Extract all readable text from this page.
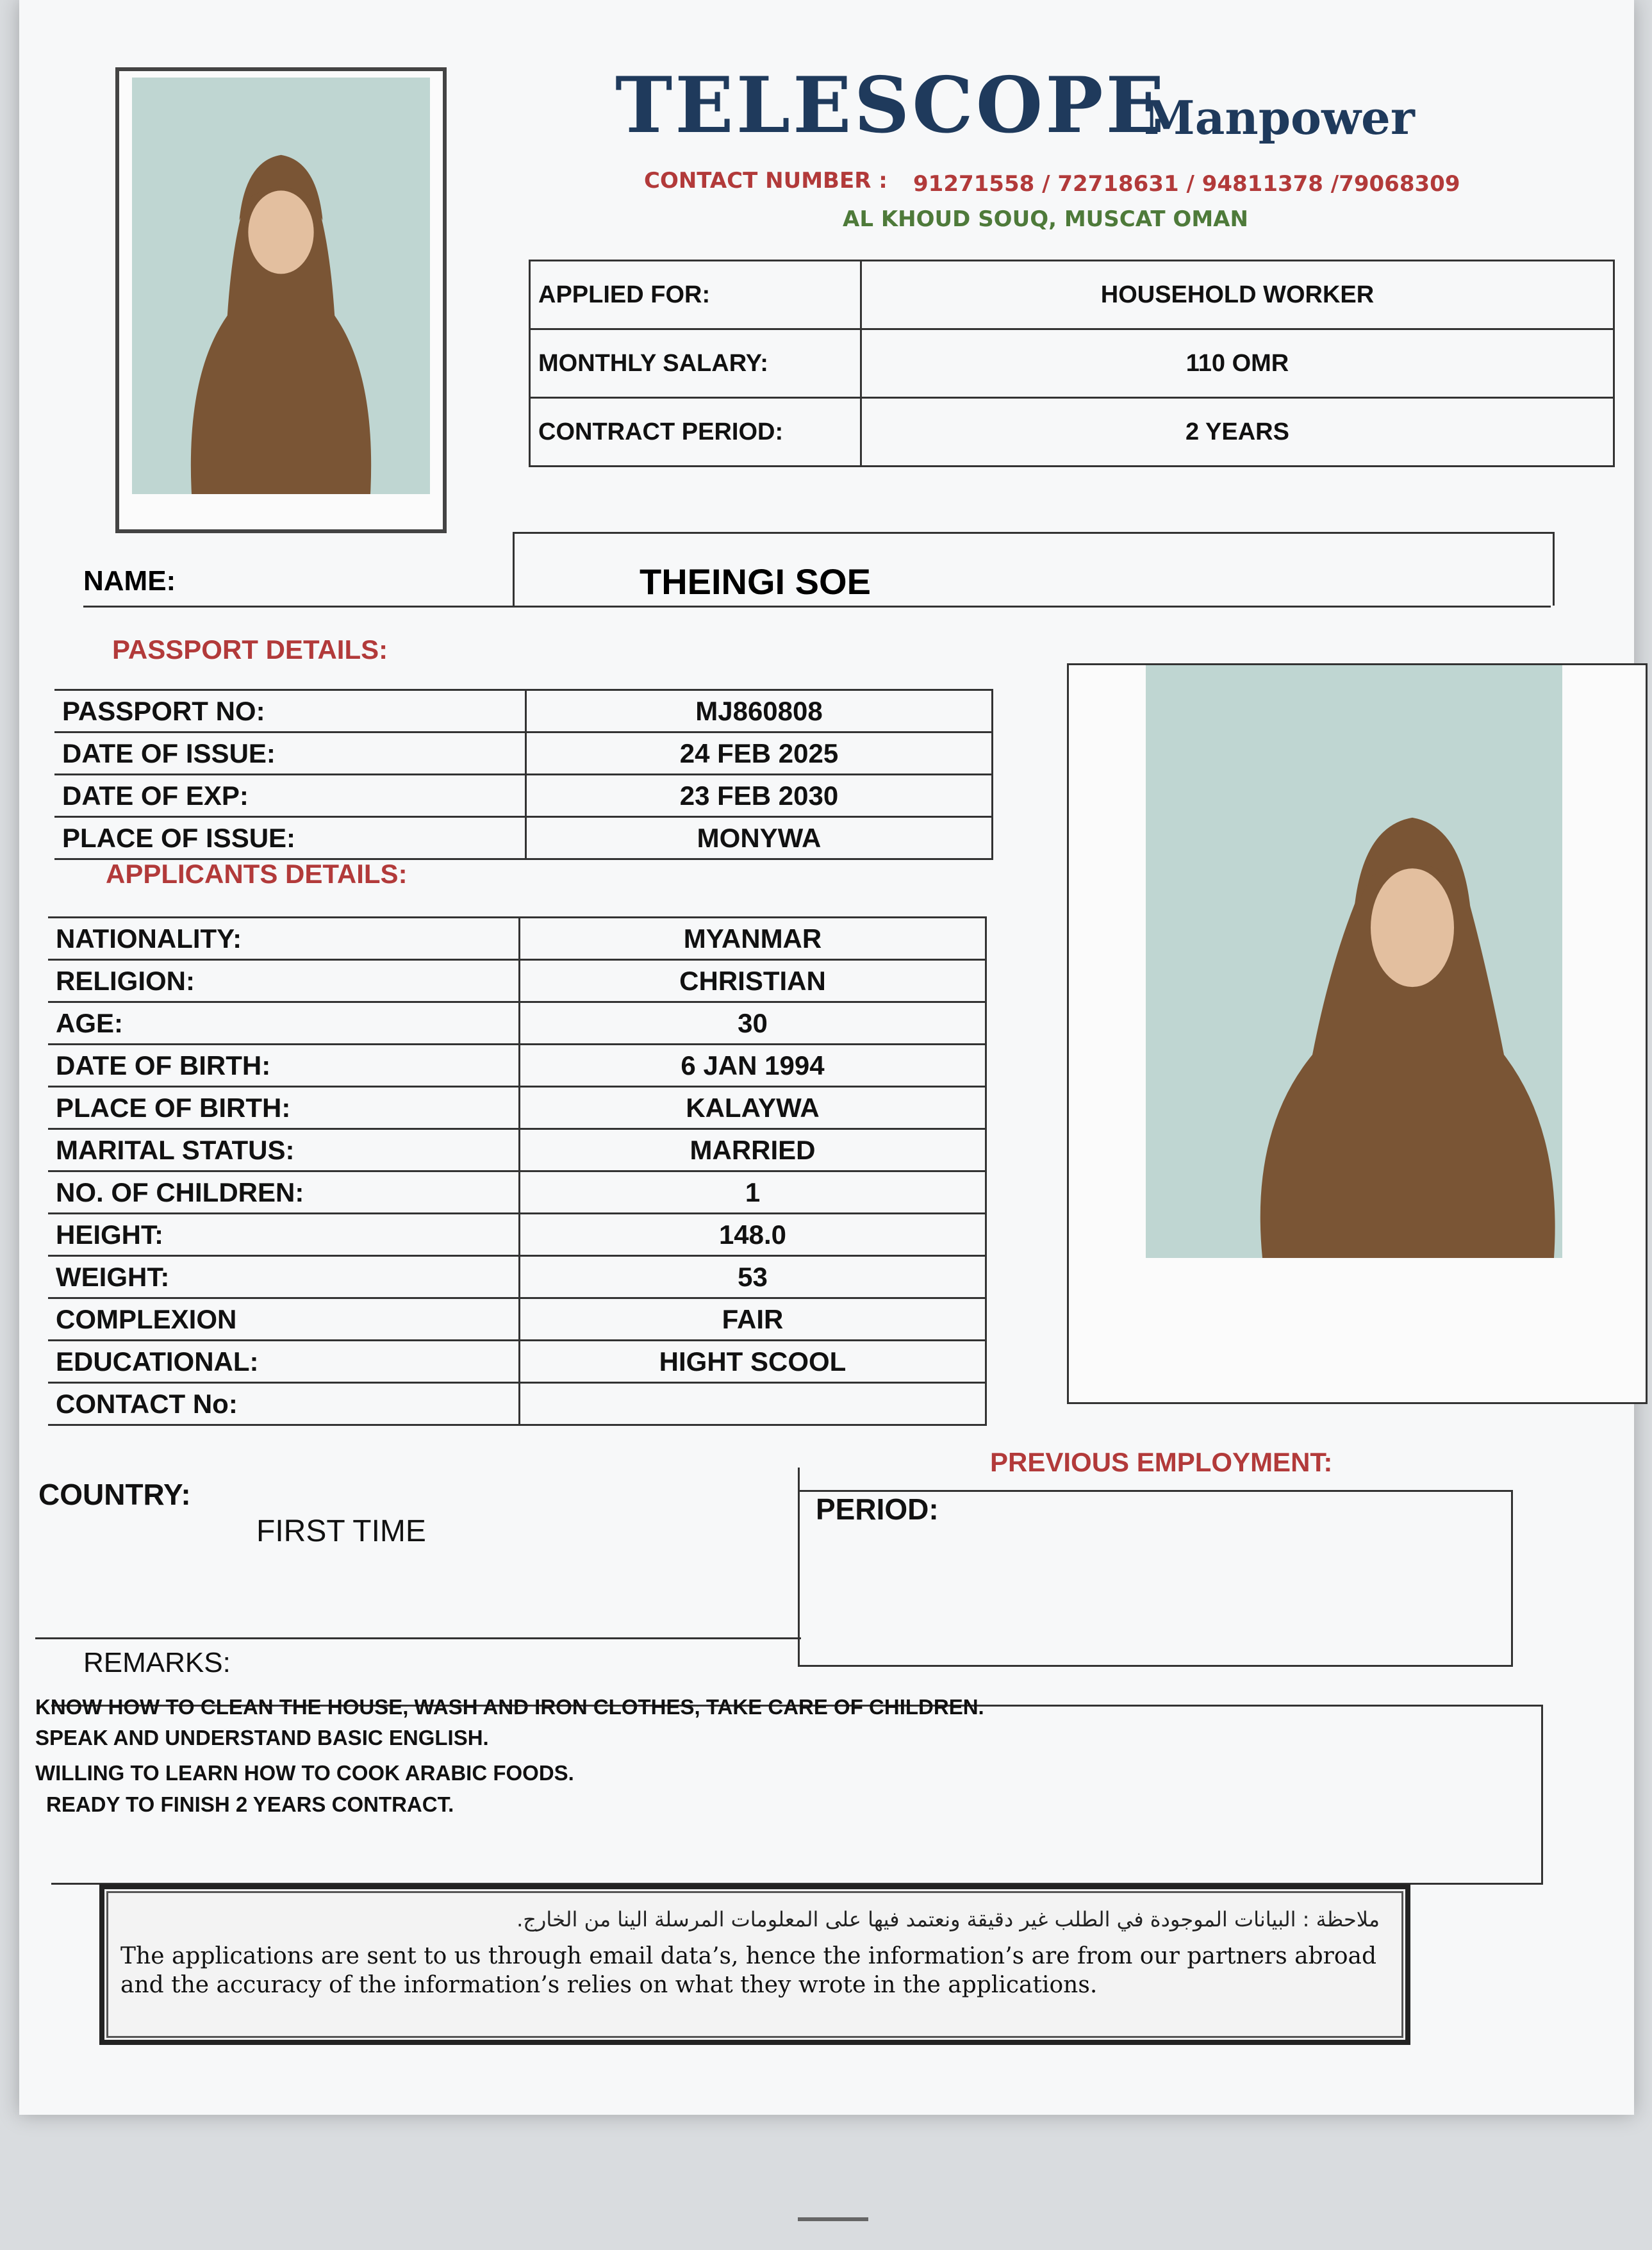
TELESCOPE
Manpower
CONTACT NUMBER : 91271558 / 72718631 / 94811378 /79068309
AL KHOUD SOUQ, MUSCAT OMAN
APPLIED FOR:	HOUSEHOLD WORKER
MONTHLY SALARY:	110 OMR
CONTRACT PERIOD:	2 YEARS
NAME:	THEINGI SOE
PASSPORT DETAILS:
PASSPORT NO:	MJ860808
DATE OF ISSUE:	24 FEB 2025
DATE OF EXP:	23 FEB 2030
PLACE OF ISSUE:	MONYWA
APPLICANTS DETAILS:
NATIONALITY:	MYANMAR
RELIGION:	CHRISTIAN
AGE:	30
DATE OF BIRTH:	6 JAN 1994
PLACE OF BIRTH:	KALAYWA
MARITAL STATUS:	MARRIED
NO. OF CHILDREN:	1
HEIGHT:	148.0
WEIGHT:	53
COMPLEXION	FAIR
EDUCATIONAL:	HIGHT SCOOL
CONTACT No:	
PREVIOUS EMPLOYMENT:
COUNTRY:
FIRST TIME
PERIOD:
REMARKS:
KNOW HOW TO CLEAN THE HOUSE, WASH AND IRON CLOTHES, TAKE CARE OF CHILDREN.
SPEAK AND UNDERSTAND BASIC ENGLISH.
WILLING TO LEARN HOW TO COOK ARABIC FOODS.
READY TO FINISH 2 YEARS CONTRACT.
ملاحظة : البيانات الموجودة في الطلب غير دقيقة ونعتمد فيها على المعلومات المرسلة الينا من الخارج.
The applications are sent to us through email data’s, hence the information’s are from our partners abroad and the accuracy of the information’s relies on what they wrote in the applications.
